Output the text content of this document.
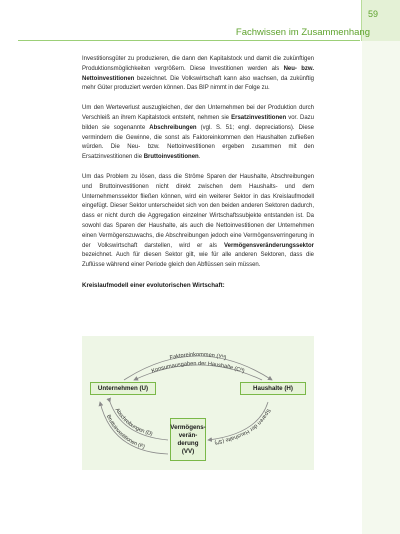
59
Fachwissen im Zusammenhang

Investitionsgüter zu produzieren, die dann den Kapitalstock und damit die zukünftigen Produktionsmöglichkeiten vergrößern. Diese Investitionen werden als Neu- bzw. Nettoinvestitionen bezeichnet. Die Volkswirtschaft kann also wachsen, da zukünftig mehr Güter produziert werden können. Das BIP nimmt in der Folge zu.

Um den Werteverlust auszugleichen, der den Unternehmen bei der Produktion durch Verschleiß an ihrem Kapitalstock entsteht, nehmen sie Ersatzinvestitionen vor. Dazu bilden sie sogenannte Abschreibungen (vgl. S. 51; engl. depreciations). Diese vermindern die Gewinne, die sonst als Faktoreinkommen den Haushalten zufließen würden. Die Neu- bzw. Nettoinvestitionen ergeben zusammen mit den Ersatzinvestitionen die Bruttoinvestitionen.

Um das Problem zu lösen, dass die Ströme Sparen der Haushalte, Abschreibungen und Bruttoinvestitionen nicht direkt zwischen dem Haushalts- und dem Unternehmenssektor fließen können, wird ein weiterer Sektor in das Kreislaufmodell eingefügt. Dieser Sektor unterscheidet sich von den beiden anderen Sektoren dadurch, dass er nicht durch die Aggregation einzelner Wirtschaftssubjekte entstanden ist. Da sowohl das Sparen der Haushalte, als auch die Nettoinvestitionen der Unternehmen einen Vermögenszuwachs, die Abschreibungen jedoch eine Vermögensverringerung in der Volkswirtschaft darstellen, wird er als Vermögensveränderungssektor bezeichnet. Auch für diesen Sektor gilt, wie für alle anderen Sektoren, dass die Zuflüsse während einer Periode gleich den Abflüssen sein müssen.

Kreislaufmodell einer evolutorischen Wirtschaft:
Faktoreinkommen (Yᴴ)
Konsumausgaben der Haushalte (Cᴴ)
Abschreibungen (D)
Bruttoinvestitionen (Iᵇ)
Sparen der Haushalte (Sᴴ)
Unternehmen (U)	Haushalte (H)
Vermögens-
verän-
derung
(VV)
